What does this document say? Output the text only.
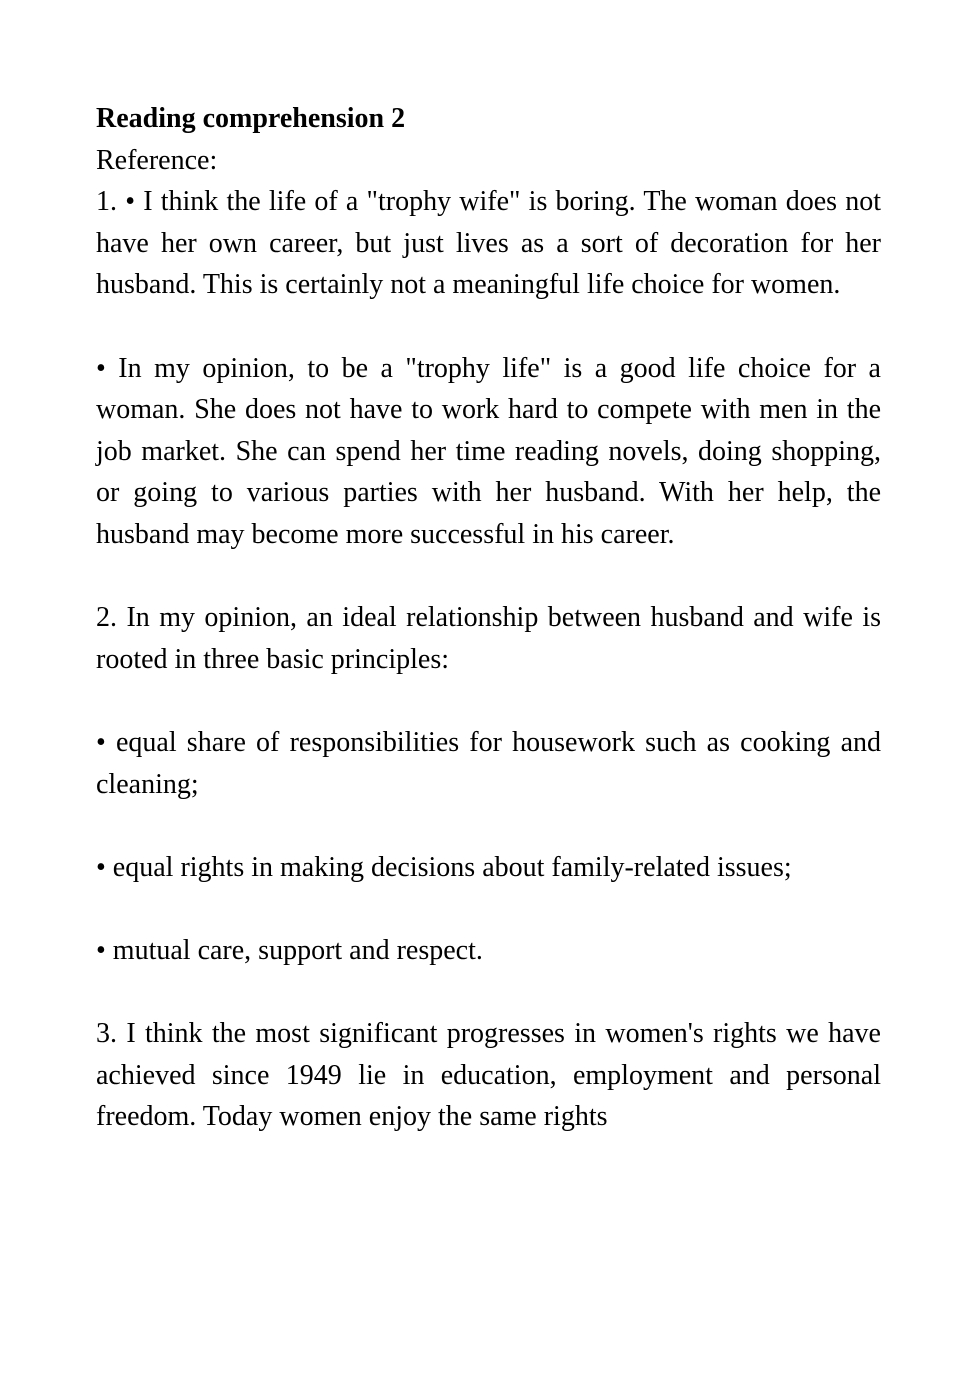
Reading comprehension 2

Reference:

1. • I think the life of a "trophy wife" is boring. The woman does not have her own career, but just lives as a sort of decoration for her husband. This is certainly not a meaningful life choice for women.

• In my opinion, to be a "trophy life" is a good life choice for a woman. She does not have to work hard to compete with men in the job market. She can spend her time reading novels, doing shopping, or going to various parties with her husband. With her help, the husband may become more successful in his career.

2. In my opinion, an ideal relationship between husband and wife is rooted in three basic principles:

• equal share of responsibilities for housework such as cooking and cleaning;

• equal rights in making decisions about family-related issues;

• mutual care, support and respect.

3. I think the most significant progresses in women's rights we have achieved since 1949 lie in education, employment and personal freedom. Today women enjoy the same rights
